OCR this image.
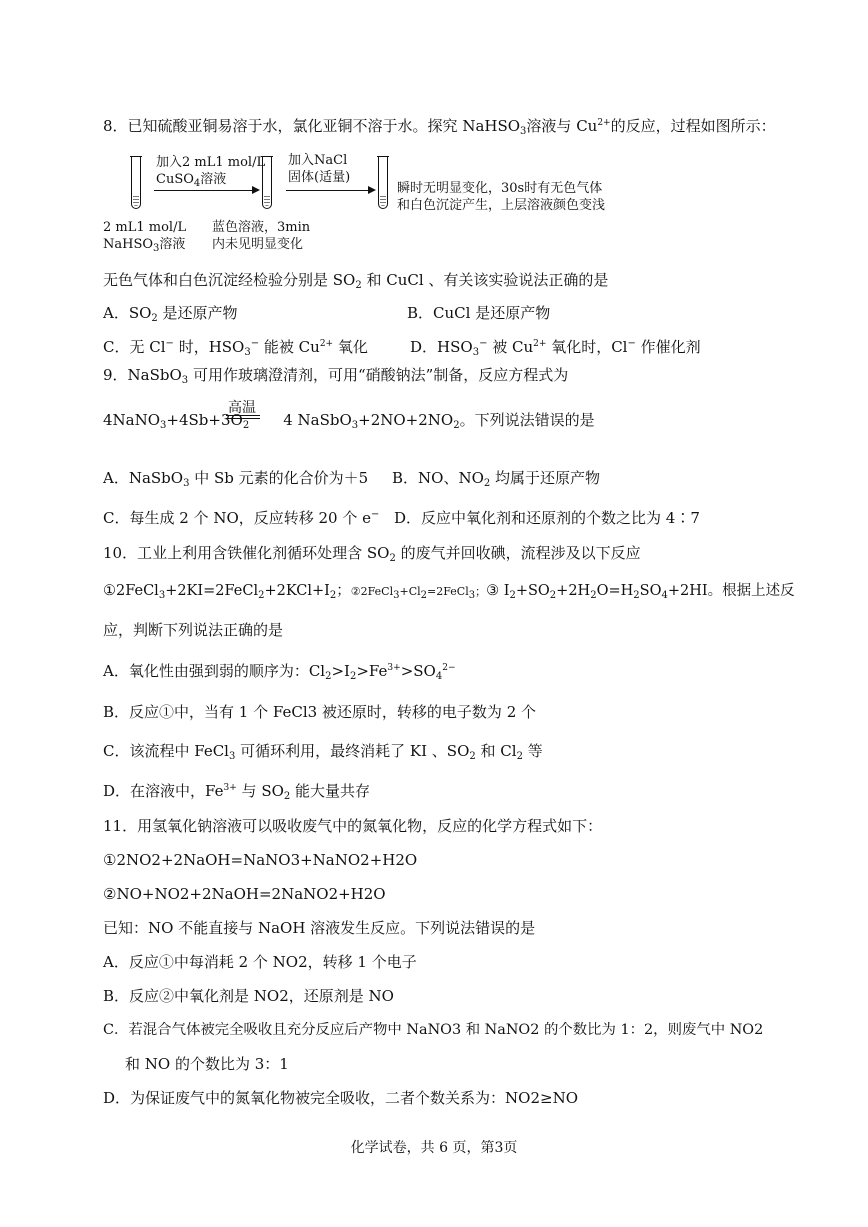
8．已知硫酸亚铜易溶于水，氯化亚铜不溶于水。探究 NaHSO$_3$溶液与 $Cu^{2+}$的反应，过程如图所示：
加入2 mL1 mol/L
CuSO$_4$溶液
加入NaCl
固体(适量)
瞬时无明显变化，30s时有无色气体
和白色沉淀产生，上层溶液颜色变浅
2 mL1 mol/L
NaHSO$_3$溶液
蓝色溶液，3min
内未见明显变化
无色气体和白色沉淀经检验分别是 $SO_2$ 和 CuCl 、有关该实验说法正确的是
A．$SO_2$ 是还原产物	B．CuCl 是还原产物
C．无 Cl− 时，$HSO_3^-$ 能被 $Cu^{2+}$ 氧化	D．$HSO_3^-$ 被 $Cu^{2+}$ 氧化时，Cl− 作催化剂
9．NaSbO$_3$ 可用作玻璃澄清剂，可用“硝酸钠法”制备，反应方程式为
高温
$4NaNO_3+4Sb+3O_2$ 4 $NaSbO_3+2NO+2NO_2$。下列说法错误的是
A．NaSbO$_3$ 中 Sb 元素的化合价为＋5 B．NO、$NO_2$ 均属于还原产物
C．每生成 2 个 NO，反应转移 20 个 e− D．反应中氧化剂和还原剂的个数之比为 4∶7
10．工业上利用含铁催化剂循环处理含 $SO_2$ 的废气并回收碘，流程涉及以下反应
$①2FeCl_3+2KI=2FeCl_2+2KCl+I_2$；$②2FeCl_3+Cl_2=2FeCl_3$；③ $I_2+SO_2+2H_2O=H_2SO_4+2HI$。根据上述反
应，判断下列说法正确的是
A．氧化性由强到弱的顺序为：$Cl_2>I_2>Fe^{3+}>SO_4^{2-}$
B．反应①中，当有 1 个 FeCl3 被还原时，转移的电子数为 2 个
C．该流程中 FeCl$_3$ 可循环利用，最终消耗了 KI 、$SO_2$ 和 $Cl_2$ 等
D．在溶液中，$Fe^{3+}$ 与 $SO_2$ 能大量共存
11．用氢氧化钠溶液可以吸收废气中的氮氧化物，反应的化学方程式如下：
①2NO2+2NaOH=NaNO3+NaNO2+H2O
②NO+NO2+2NaOH=2NaNO2+H2O
已知：NO 不能直接与 NaOH 溶液发生反应。下列说法错误的是
A．反应①中每消耗 2 个 NO2，转移 1 个电子
B．反应②中氧化剂是 NO2，还原剂是 NO
C．若混合气体被完全吸收且充分反应后产物中 NaNO3 和 NaNO2 的个数比为 1：2，则废气中 NO2
和 NO 的个数比为 3：1
D．为保证废气中的氮氧化物被完全吸收，二者个数关系为：NO2≥NO
化学试卷，共 6 页，第3页
